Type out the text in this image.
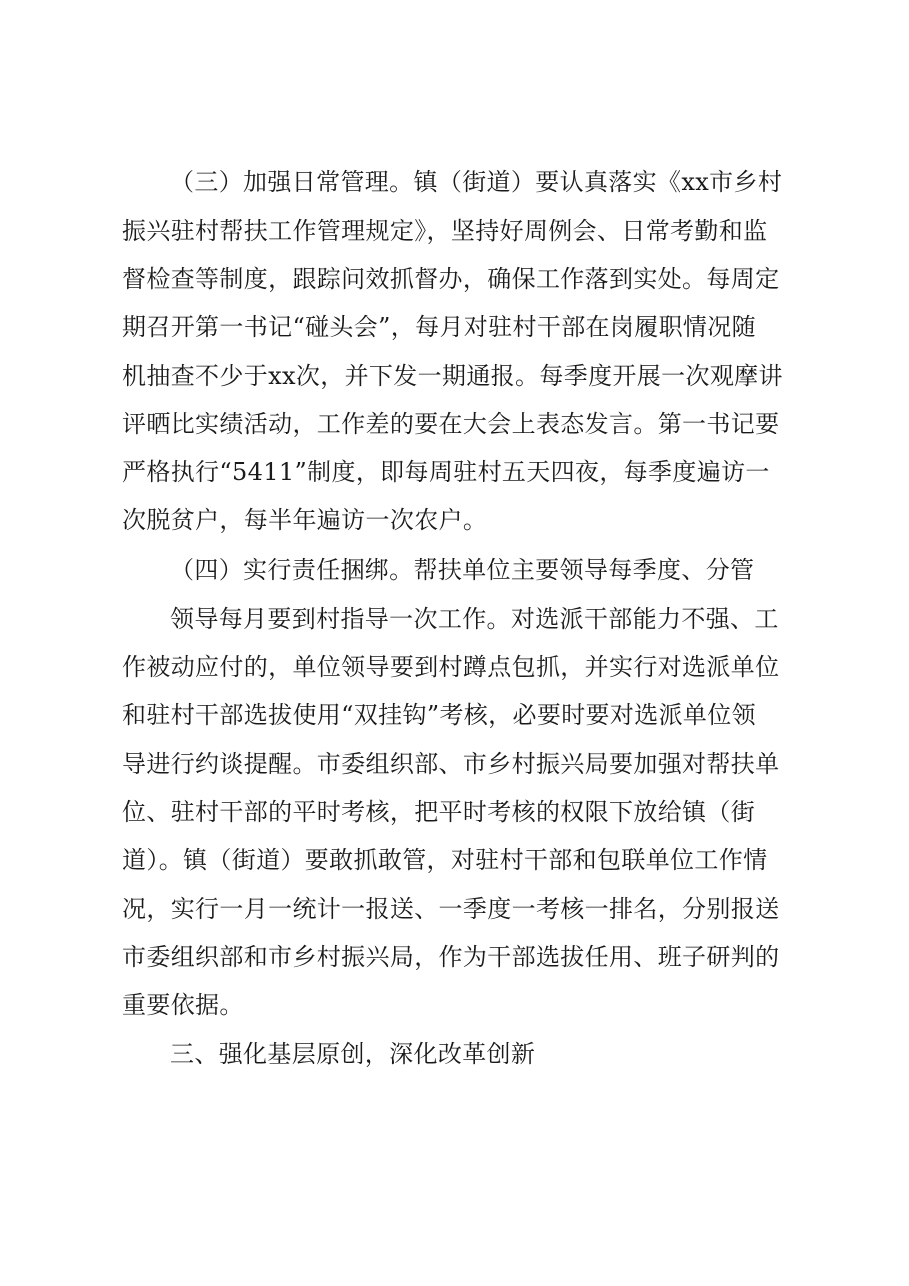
（三）加强日常管理。镇（街道）要认真落实《xx市乡村
振兴驻村帮扶工作管理规定》，坚持好周例会、日常考勤和监
督检查等制度，跟踪问效抓督办，确保工作落到实处。每周定
期召开第一书记“碰头会”，每月对驻村干部在岗履职情况随
机抽查不少于xx次，并下发一期通报。每季度开展一次观摩讲
评晒比实绩活动，工作差的要在大会上表态发言。第一书记要
严格执行“5411”制度，即每周驻村五天四夜，每季度遍访一
次脱贫户，每半年遍访一次农户。
（四）实行责任捆绑。帮扶单位主要领导每季度、分管
领导每月要到村指导一次工作。对选派干部能力不强、工
作被动应付的，单位领导要到村蹲点包抓，并实行对选派单位
和驻村干部选拔使用“双挂钩”考核，必要时要对选派单位领
导进行约谈提醒。市委组织部、市乡村振兴局要加强对帮扶单
位、驻村干部的平时考核，把平时考核的权限下放给镇（街
道）。镇（街道）要敢抓敢管，对驻村干部和包联单位工作情
况，实行一月一统计一报送、一季度一考核一排名，分别报送
市委组织部和市乡村振兴局，作为干部选拔任用、班子研判的
重要依据。
三、强化基层原创，深化改革创新
